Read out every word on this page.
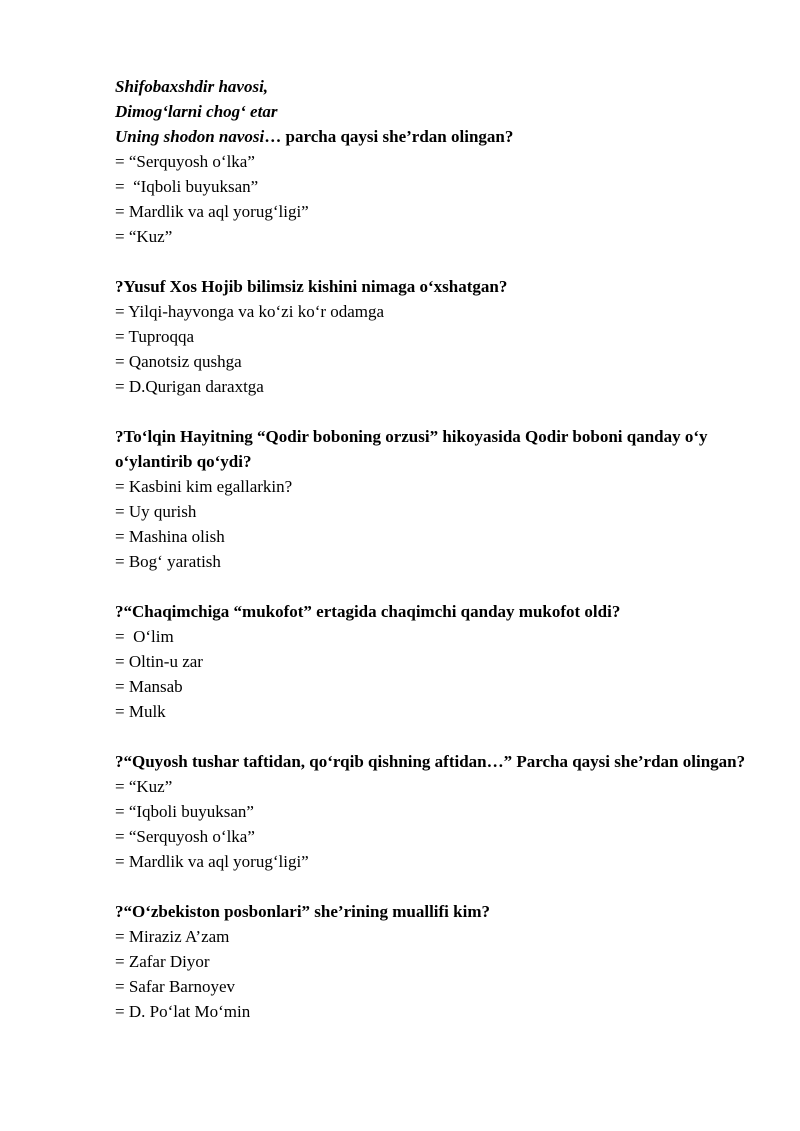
Shifobaxshdir havosi,

Dimog‘larni chog‘ etar

Uning shodon navosi… parcha qaysi she’rdan olingan?

= “Serquyosh o‘lka”

=  “Iqboli buyuksan”

= Mardlik va aql yorug‘ligi”

= “Kuz”

?Yusuf Xos Hojib bilimsiz kishini nimaga o‘xshatgan?

= Yilqi-hayvonga va ko‘zi ko‘r odamga

= Tuproqqa

= Qanotsiz qushga

= D.Qurigan daraxtga

?To‘lqin Hayitning “Qodir boboning orzusi” hikoyasida Qodir boboni qanday o‘y o‘ylantirib qo‘ydi?

= Kasbini kim egallarkin?

= Uy qurish

= Mashina olish

= Bog‘ yaratish

?“Chaqimchiga “mukofot” ertagida chaqimchi qanday mukofot oldi?

=  O‘lim

= Oltin-u zar

= Mansab

= Mulk

?“Quyosh tushar taftidan, qo‘rqib qishning aftidan…” Parcha qaysi she’rdan olingan?

= “Kuz”

= “Iqboli buyuksan”

= “Serquyosh o‘lka”

= Mardlik va aql yorug‘ligi”

?“O‘zbekiston posbonlari” she’rining muallifi kim?

= Miraziz A’zam

= Zafar Diyor

= Safar Barnoyev

= D. Po‘lat Mo‘min
